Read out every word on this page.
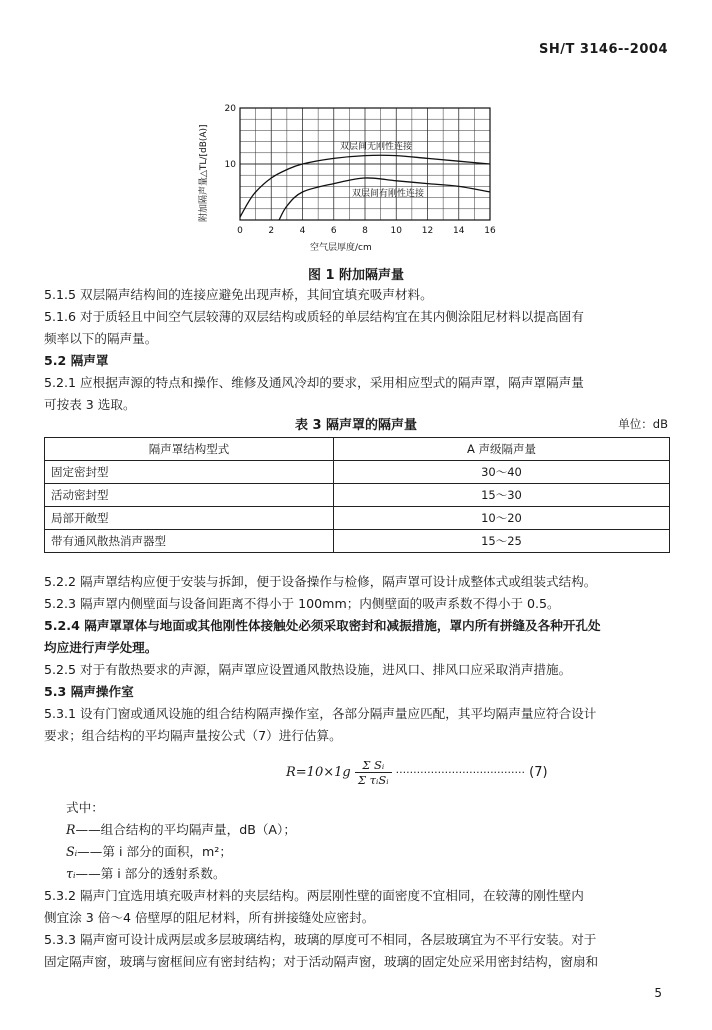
SH/T 3146--2004
0	2	4	6	8	10 12 14 16
20
10
双层间无刚性连接
双层间有刚性连接
附加隔声量△TL/[dB(A)]
空气层厚度/cm
图 1 附加隔声量
5.1.5 双层隔声结构间的连接应避免出现声桥，其间宜填充吸声材料。
5.1.6 对于质轻且中间空气层较薄的双层结构或质轻的单层结构宜在其内侧涂阻尼材料以提高固有
频率以下的隔声量。
5.2 隔声罩
5.2.1 应根据声源的特点和操作、维修及通风冷却的要求，采用相应型式的隔声罩，隔声罩隔声量
可按表 3 选取。
表 3 隔声罩的隔声量	单位：dB
隔声罩结构型式	A 声级隔声量
固定密封型	30～40
活动密封型	15～30
局部开敞型	10～20
带有通风散热消声器型	15～25
5.2.2 隔声罩结构应便于安装与拆卸，便于设备操作与检修，隔声罩可设计成整体式或组装式结构。
5.2.3 隔声罩内侧壁面与设备间距离不得小于 100mm；内侧壁面的吸声系数不得小于 0.5。
5.2.4 隔声罩罩体与地面或其他刚性体接触处必须采取密封和减振措施，罩内所有拼缝及各种开孔处
均应进行声学处理。
5.2.5 对于有散热要求的声源，隔声罩应设置通风散热设施，进风口、排风口应采取消声措施。
5.3 隔声操作室
5.3.1 设有门窗或通风设施的组合结构隔声操作室，各部分隔声量应匹配，其平均隔声量应符合设计
要求；组合结构的平均隔声量按公式（7）进行估算。
$R=10\times 1g \frac{\text{Σ Sᵢ}}{\text{Σ τᵢSᵢ}}$ ····································· (7)
式中：
R——组合结构的平均隔声量，dB（A）；
Sᵢ——第 i 部分的面积，m²；
τᵢ——第 i 部分的透射系数。
5.3.2 隔声门宜选用填充吸声材料的夹层结构。两层刚性壁的面密度不宜相同，在较薄的刚性壁内
侧宜涂 3 倍～4 倍壁厚的阻尼材料，所有拼接缝处应密封。
5.3.3 隔声窗可设计成两层或多层玻璃结构，玻璃的厚度可不相同，各层玻璃宜为不平行安装。对于
固定隔声窗，玻璃与窗框间应有密封结构；对于活动隔声窗，玻璃的固定处应采用密封结构，窗扇和
5
